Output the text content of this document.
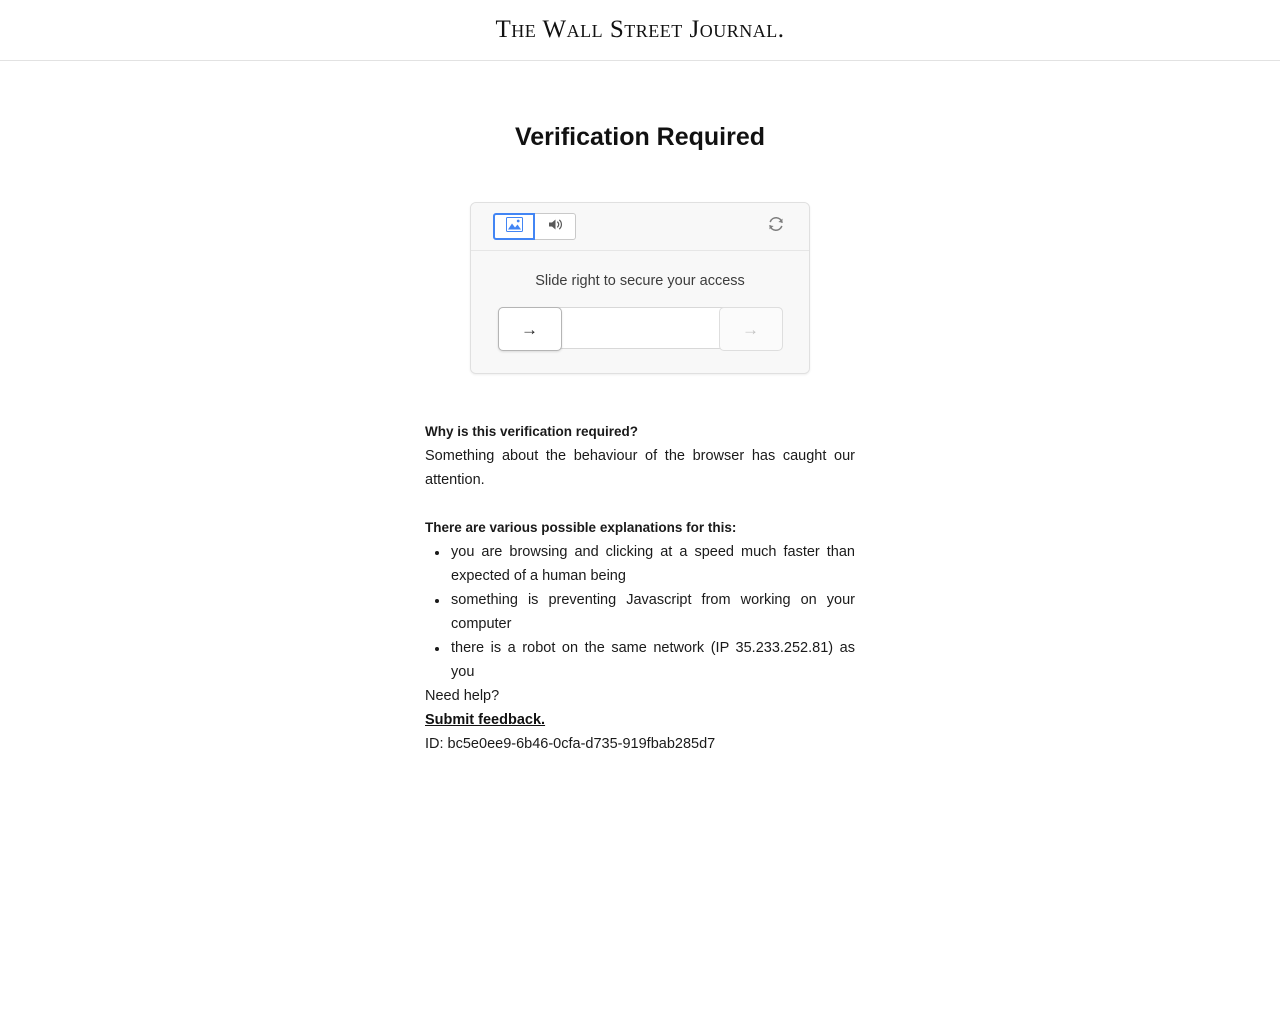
The Wall Street Journal.
Verification Required
Slide right to secure your access
→	→

Why is this verification required?

Something about the behaviour of the browser has caught our attention.

There are various possible explanations for this:

• you are browsing and clicking at a speed much faster than expected of a human being
• something is preventing Javascript from working on your computer
• there is a robot on the same network (IP 35.233.252.81) as you

Need help?

Submit feedback.

ID: bc5e0ee9-6b46-0cfa-d735-919fbab285d7
